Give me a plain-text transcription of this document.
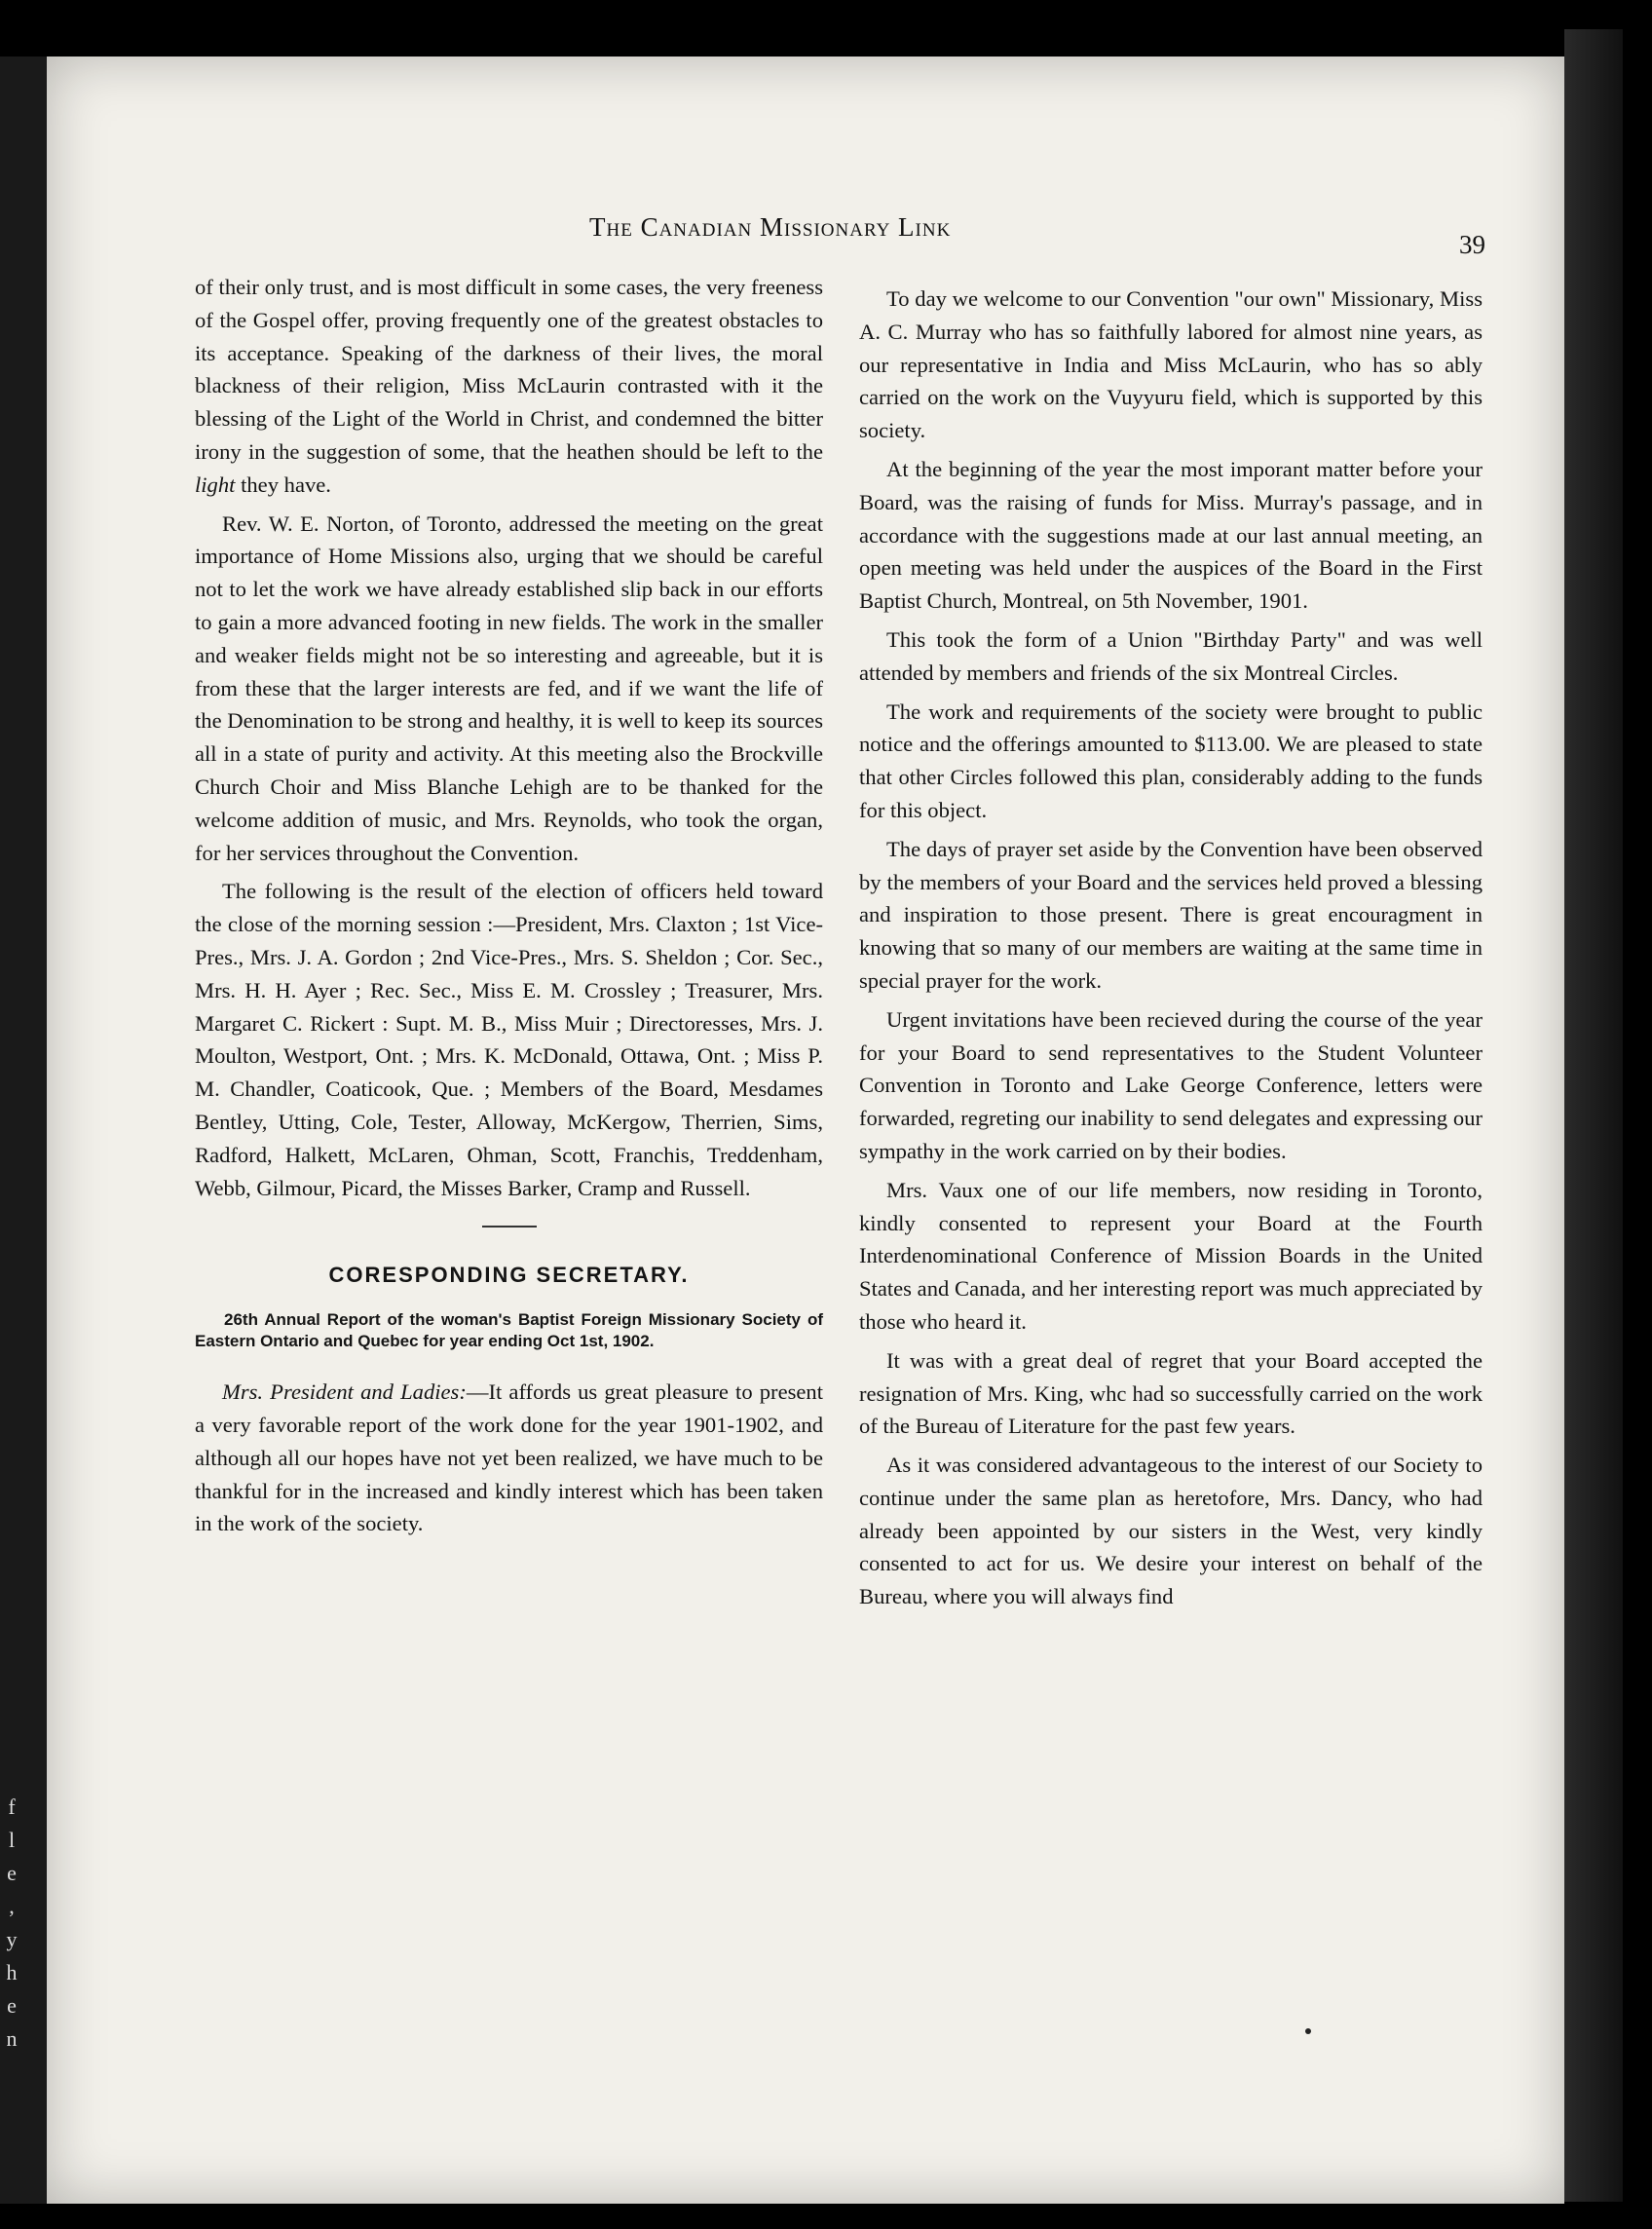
f
l
e
,
y
h
e
n
The Canadian Missionary Link
39

of their only trust, and is most difficult in some cases, the very freeness of the Gospel offer, proving frequently one of the greatest obstacles to its acceptance. Speaking of the darkness of their lives, the moral blackness of their religion, Miss McLaurin contrasted with it the blessing of the Light of the World in Christ, and condemned the bitter irony in the suggestion of some, that the heathen should be left to the light they have.

Rev. W. E. Norton, of Toronto, addressed the meeting on the great importance of Home Missions also, urging that we should be careful not to let the work we have already established slip back in our efforts to gain a more advanced footing in new fields. The work in the smaller and weaker fields might not be so interesting and agreeable, but it is from these that the larger interests are fed, and if we want the life of the Denomination to be strong and healthy, it is well to keep its sources all in a state of purity and activity. At this meeting also the Brockville Church Choir and Miss Blanche Lehigh are to be thanked for the welcome addition of music, and Mrs. Reynolds, who took the organ, for her services throughout the Convention.

The following is the result of the election of officers held toward the close of the morning session :—President, Mrs. Claxton ; 1st Vice-Pres., Mrs. J. A. Gordon ; 2nd Vice-Pres., Mrs. S. Sheldon ; Cor. Sec., Mrs. H. H. Ayer ; Rec. Sec., Miss E. M. Crossley ; Treasurer, Mrs. Margaret C. Rickert : Supt. M. B., Miss Muir ; Directoresses, Mrs. J. Moulton, Westport, Ont. ; Mrs. K. McDonald, Ottawa, Ont. ; Miss P. M. Chandler, Coaticook, Que. ; Members of the Board, Mesdames Bentley, Utting, Cole, Tester, Alloway, McKergow, Therrien, Sims, Radford, Halkett, McLaren, Ohman, Scott, Franchis, Treddenham, Webb, Gilmour, Picard, the Misses Barker, Cramp and Russell.

CORESPONDING SECRETARY.
26th Annual Report of the woman's Baptist Foreign Missionary Society of Eastern Ontario and Quebec for year ending Oct 1st, 1902.

Mrs. President and Ladies:—It affords us great pleasure to present a very favorable report of the work done for the year 1901-1902, and although all our hopes have not yet been realized, we have much to be thankful for in the increased and kindly interest which has been taken in the work of the society.

To day we welcome to our Convention "our own" Missionary, Miss A. C. Murray who has so faithfully labored for almost nine years, as our representative in India and Miss McLaurin, who has so ably carried on the work on the Vuyyuru field, which is supported by this society.

At the beginning of the year the most imporant matter before your Board, was the raising of funds for Miss. Murray's passage, and in accordance with the suggestions made at our last annual meeting, an open meeting was held under the auspices of the Board in the First Baptist Church, Montreal, on 5th November, 1901.

This took the form of a Union "Birthday Party" and was well attended by members and friends of the six Montreal Circles.

The work and requirements of the society were brought to public notice and the offerings amounted to $113.00. We are pleased to state that other Circles followed this plan, considerably adding to the funds for this object.

The days of prayer set aside by the Convention have been observed by the members of your Board and the services held proved a blessing and inspiration to those present. There is great encouragment in knowing that so many of our members are waiting at the same time in special prayer for the work.

Urgent invitations have been recieved during the course of the year for your Board to send representatives to the Student Volunteer Convention in Toronto and Lake George Conference, letters were forwarded, regreting our inability to send delegates and expressing our sympathy in the work carried on by their bodies.

Mrs. Vaux one of our life members, now residing in Toronto, kindly consented to represent your Board at the Fourth Interdenominational Conference of Mission Boards in the United States and Canada, and her interesting report was much appreciated by those who heard it.

It was with a great deal of regret that your Board accepted the resignation of Mrs. King, whc had so successfully carried on the work of the Bureau of Literature for the past few years.

As it was considered advantageous to the interest of our Society to continue under the same plan as heretofore, Mrs. Dancy, who had already been appointed by our sisters in the West, very kindly consented to act for us. We desire your interest on behalf of the Bureau, where you will always find
